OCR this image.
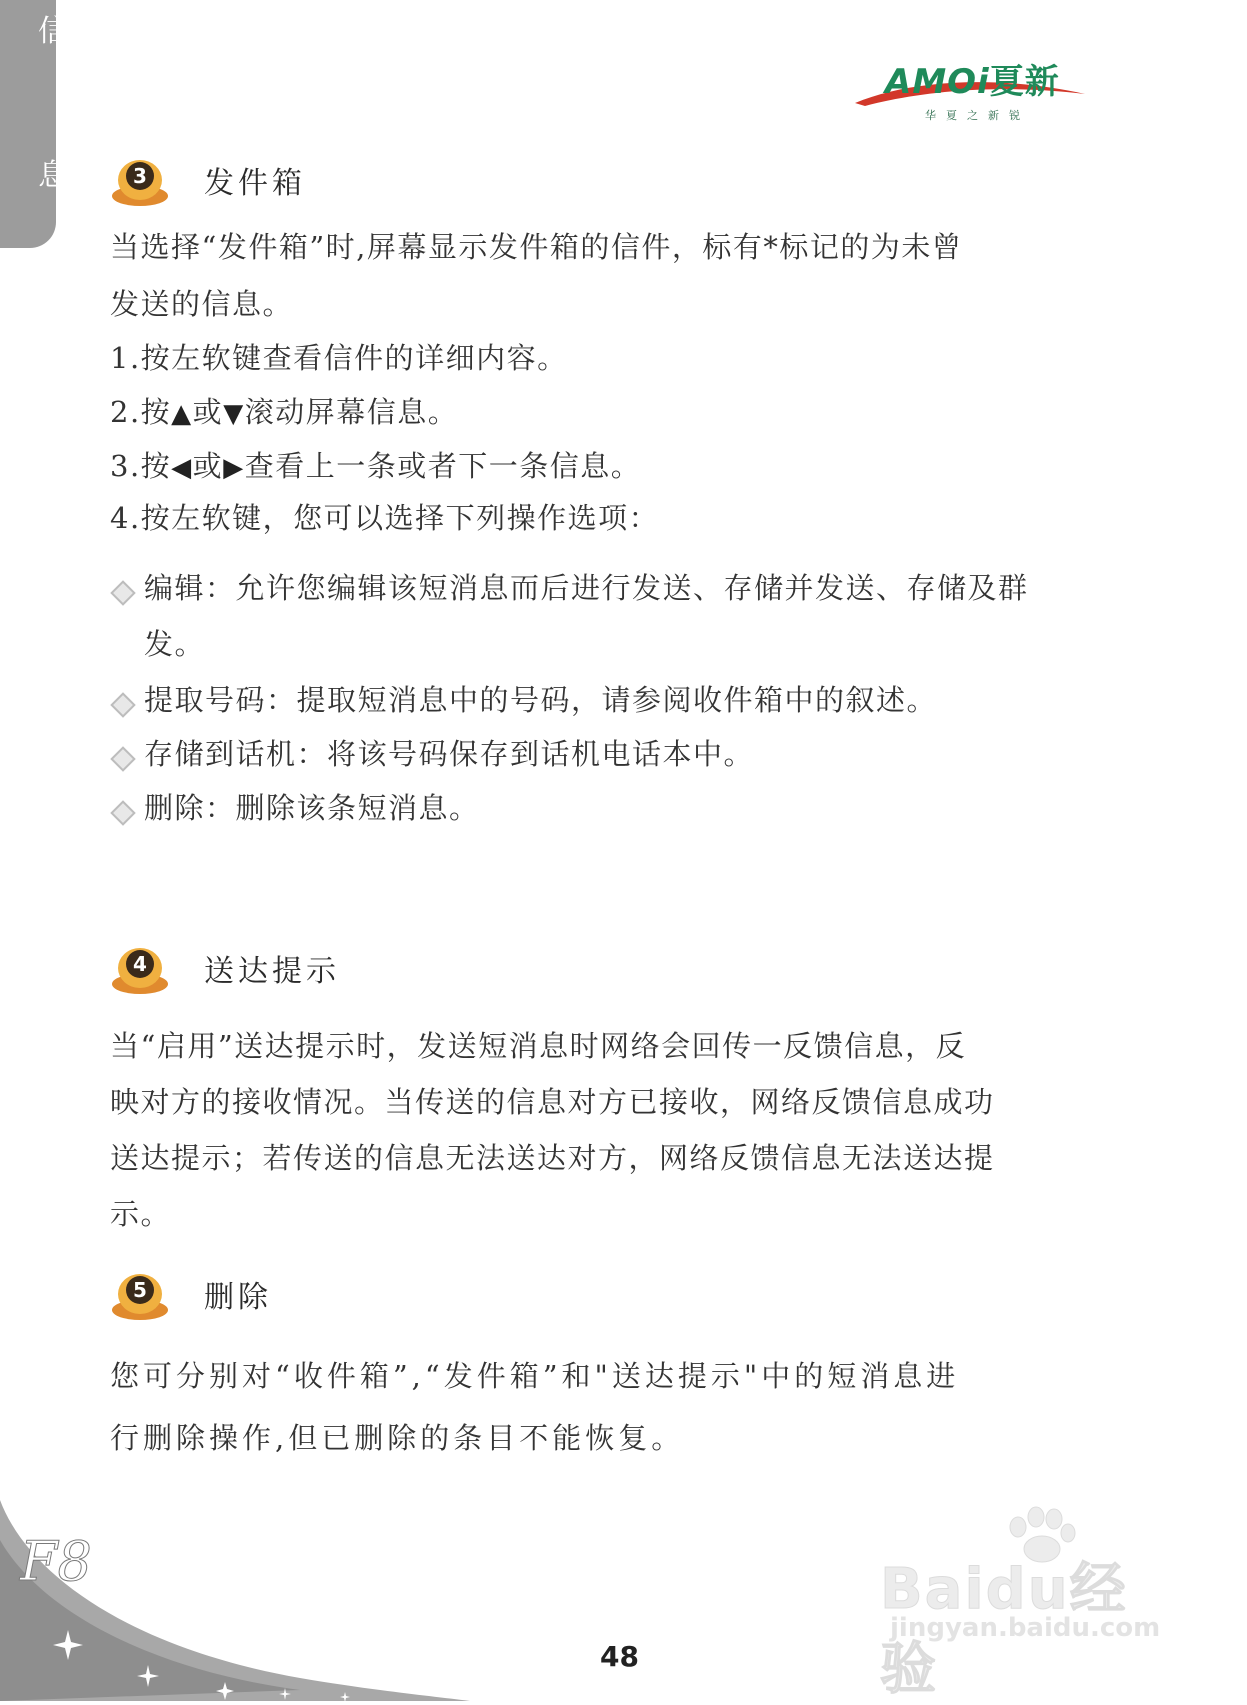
信
息
AMOi夏新
华夏之新锐
3 发件箱
当选择“发件箱”时,屏幕显示发件箱的信件，标有*标记的为未曾
发送的信息。
1.按左软键查看信件的详细内容。
2.按▲或▼滚动屏幕信息。
3.按◀或▶查看上一条或者下一条信息。
4.按左软键，您可以选择下列操作选项：
编辑：允许您编辑该短消息而后进行发送、存储并发送、存储及群发。
提取号码：提取短消息中的号码，请参阅收件箱中的叙述。
存储到话机：将该号码保存到话机电话本中。
删除：删除该条短消息。
4 送达提示
当“启用”送达提示时，发送短消息时网络会回传一反馈信息，反
映对方的接收情况。当传送的信息对方已接收，网络反馈信息成功
送达提示；若传送的信息无法送达对方，网络反馈信息无法送达提
示。
5 删除
您可分别对“收件箱”,“发件箱”和"送达提示"中的短消息进
行删除操作,但已删除的条目不能恢复。
F8
48
Baidu经验
jingyan.baidu.com
